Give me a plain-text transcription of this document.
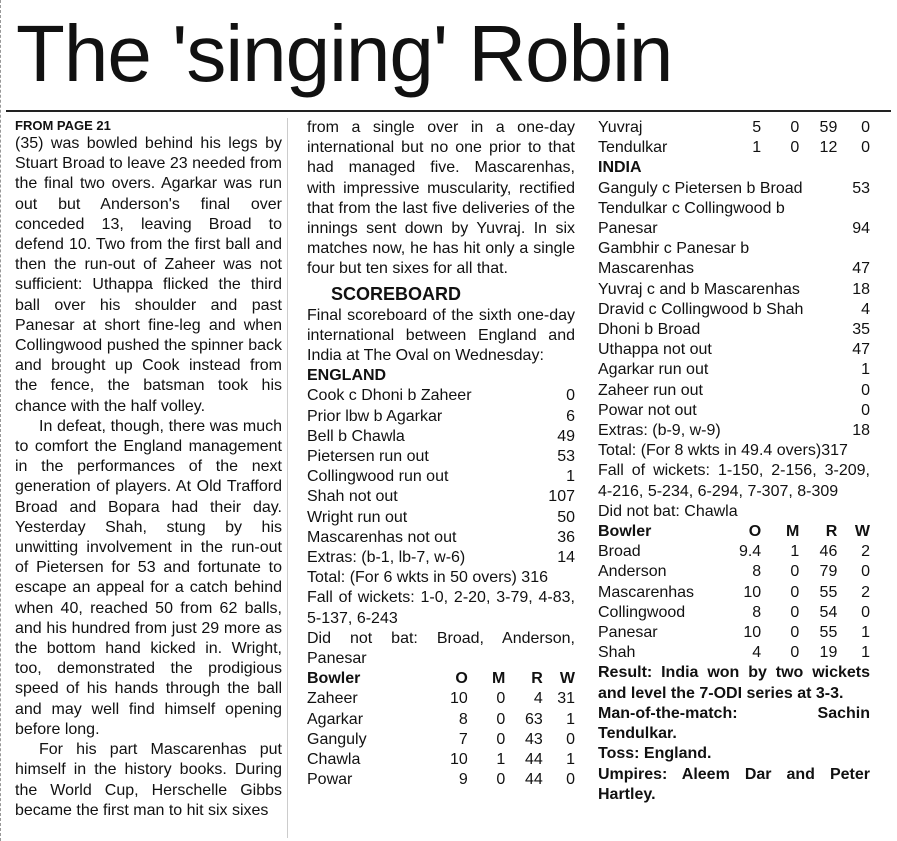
The 'singing' Robin
FROM PAGE 21

(35) was bowled behind his legs by Stuart Broad to leave 23 needed from the final two overs. Agarkar was run out but Anderson's final over conceded 13, leaving Broad to defend 10. Two from the first ball and then the run-out of Zaheer was not sufficient: Uthappa flicked the third ball over his shoulder and past Panesar at short fine-leg and when Collingwood pushed the spinner back and brought up Cook instead from the fence, the batsman took his chance with the half volley.

In defeat, though, there was much to comfort the England management in the performances of the next generation of players. At Old Trafford Broad and Bopara had their day. Yesterday Shah, stung by his unwitting involvement in the run-out of Pietersen for 53 and fortunate to escape an appeal for a catch behind when 40, reached 50 from 62 balls, and his hundred from just 29 more as the bottom hand kicked in. Wright, too, demonstrated the prodigious speed of his hands through the ball and may well find himself opening before long.

For his part Mascarenhas put himself in the history books. During the World Cup, Herschelle Gibbs became the first man to hit six sixes

from a single over in a one-day international but no one prior to that had managed five. Mascarenhas, with impressive muscularity, rectified that from the last five deliveries of the innings sent down by Yuvraj. In six matches now, he has hit only a single four but ten sixes for all that.

SCOREBOARD

Final scoreboard of the sixth one-day international between England and India at The Oval on Wednesday:

ENGLAND
Cook c Dhoni b Zaheer	0
Prior lbw b Agarkar	6
Bell b Chawla	49
Pietersen run out	53
Collingwood run out	1
Shah not out	107
Wright run out	50
Mascarenhas not out	36
Extras: (b-1, lb-7, w-6)	14
Total: (For 6 wkts in 50 overs) 316
Fall of wickets: 1-0, 2-20, 3-79, 4-83, 5-137, 6-243
Did not bat: Broad, Anderson, Panesar
Bowler	O	M	R	W
Zaheer	10	0	4	31
Agarkar	8	0	63	1
Ganguly	7	0	43	0
Chawla	10	1	44	1
Powar	9	0	44	0
Yuvraj	5	0	59	0
Tendulkar	1	0	12	0
INDIA
Ganguly c Pietersen b Broad	53
Tendulkar c Collingwood b
Panesar	94
Gambhir c Panesar b
Mascarenhas	47
Yuvraj c and b Mascarenhas	18
Dravid c Collingwood b Shah	4
Dhoni b Broad	35
Uthappa not out	47
Agarkar run out	1
Zaheer run out	0
Powar not out	0
Extras: (b-9, w-9)	18
Total: (For 8 wkts in 49.4 overs)317
Fall of wickets: 1-150, 2-156, 3-209, 4-216, 5-234, 6-294, 7-307, 8-309
Did not bat: Chawla
Bowler	O	M	R	W
Broad	9.4	1	46	2
Anderson	8	0	79	0
Mascarenhas	10	0	55	2
Collingwood	8	0	54	0
Panesar	10	0	55	1
Shah	4	0	19	1
Result: India won by two wickets and level the 7-ODI series at 3-3.
Man-of-the-match: Sachin Tendulkar.
Toss: England.
Umpires: Aleem Dar and Peter Hartley.
